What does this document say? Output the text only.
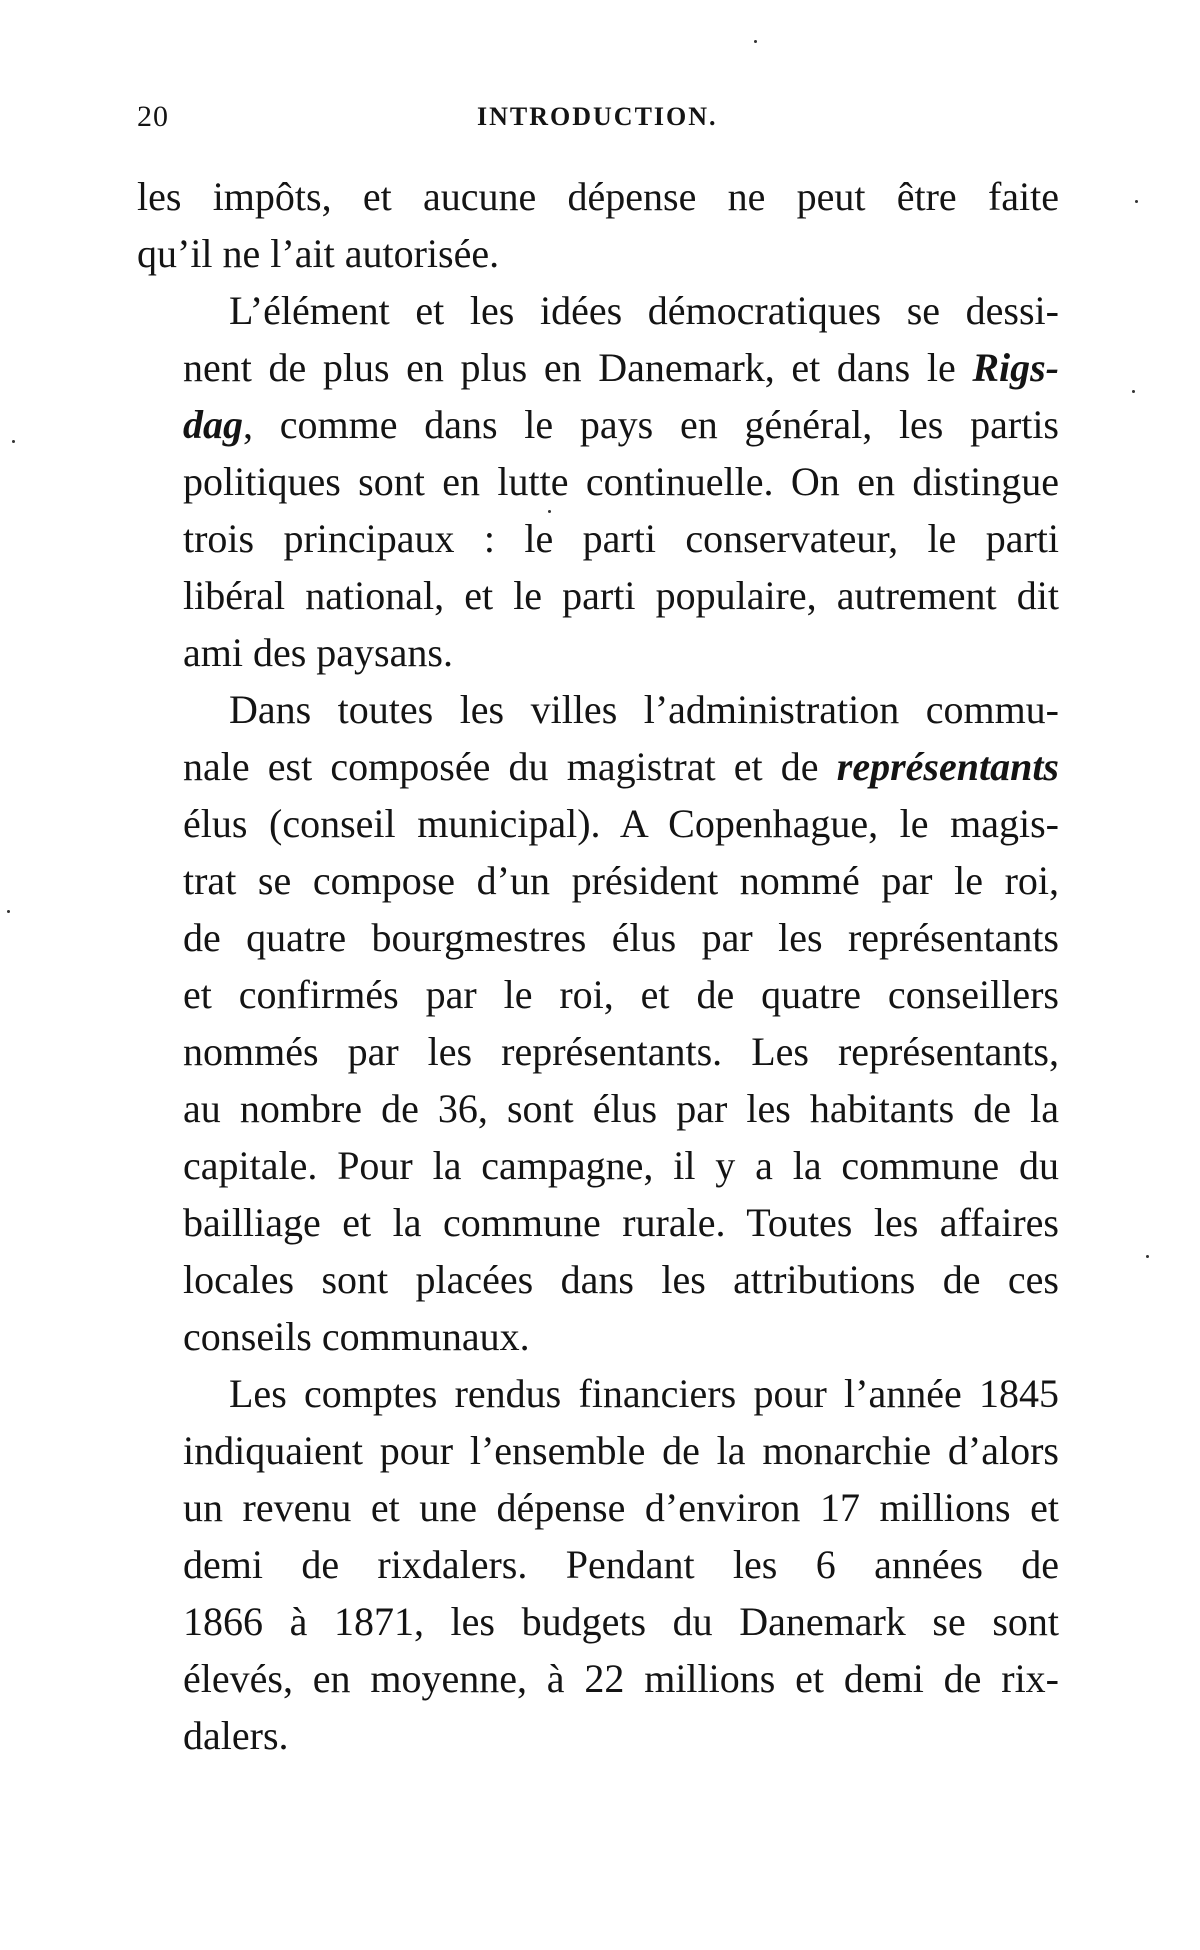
20	INTRODUCTION.
les impôts, et aucune dépense ne peut être faite
qu’il ne l’ait autorisée.
L’élément et les idées démocratiques se dessi-
nent de plus en plus en Danemark, et dans le Rigs-
dag, comme dans le pays en général, les partis
politiques sont en lutte continuelle. On en distingue
trois principaux : le parti conservateur, le parti
libéral national, et le parti populaire, autrement dit
ami des paysans.
Dans toutes les villes l’administration commu-
nale est composée du magistrat et de représentants
élus (conseil municipal). A Copenhague, le magis-
trat se compose d’un président nommé par le roi,
de quatre bourgmestres élus par les représentants
et confirmés par le roi, et de quatre conseillers
nommés par les représentants. Les représentants,
au nombre de 36, sont élus par les habitants de la
capitale. Pour la campagne, il y a la commune du
bailliage et la commune rurale. Toutes les affaires
locales sont placées dans les attributions de ces
conseils communaux.
Les comptes rendus financiers pour l’année 1845
indiquaient pour l’ensemble de la monarchie d’alors
un revenu et une dépense d’environ 17 millions et
demi de rixdalers. Pendant les 6 années de
1866 à 1871, les budgets du Danemark se sont
élevés, en moyenne, à 22 millions et demi de rix-
dalers.
